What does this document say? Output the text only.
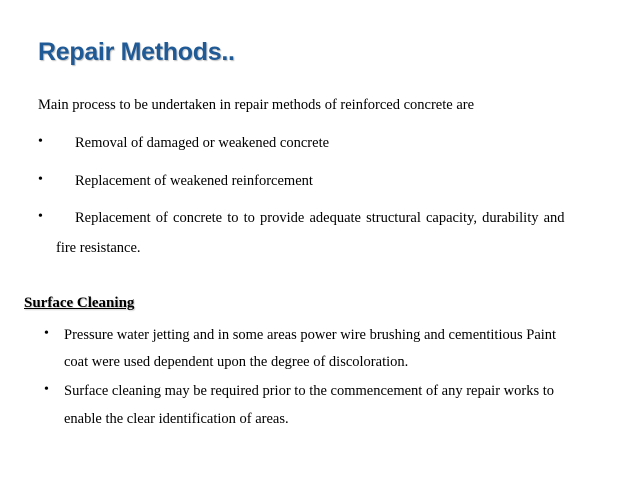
Repair Methods..
Main process to be undertaken in repair methods of reinforced concrete are
• Removal of damaged or weakened concrete
• Replacement of weakened reinforcement
• Replacement of concrete to to provide adequate structural capacity, durability and
fire resistance.
Surface Cleaning
• Pressure water jetting and in some areas power wire brushing and cementitious Paint
coat were used dependent upon the degree of discoloration.
• Surface cleaning may be required prior to the commencement of any repair works to
enable the clear identification of areas.
